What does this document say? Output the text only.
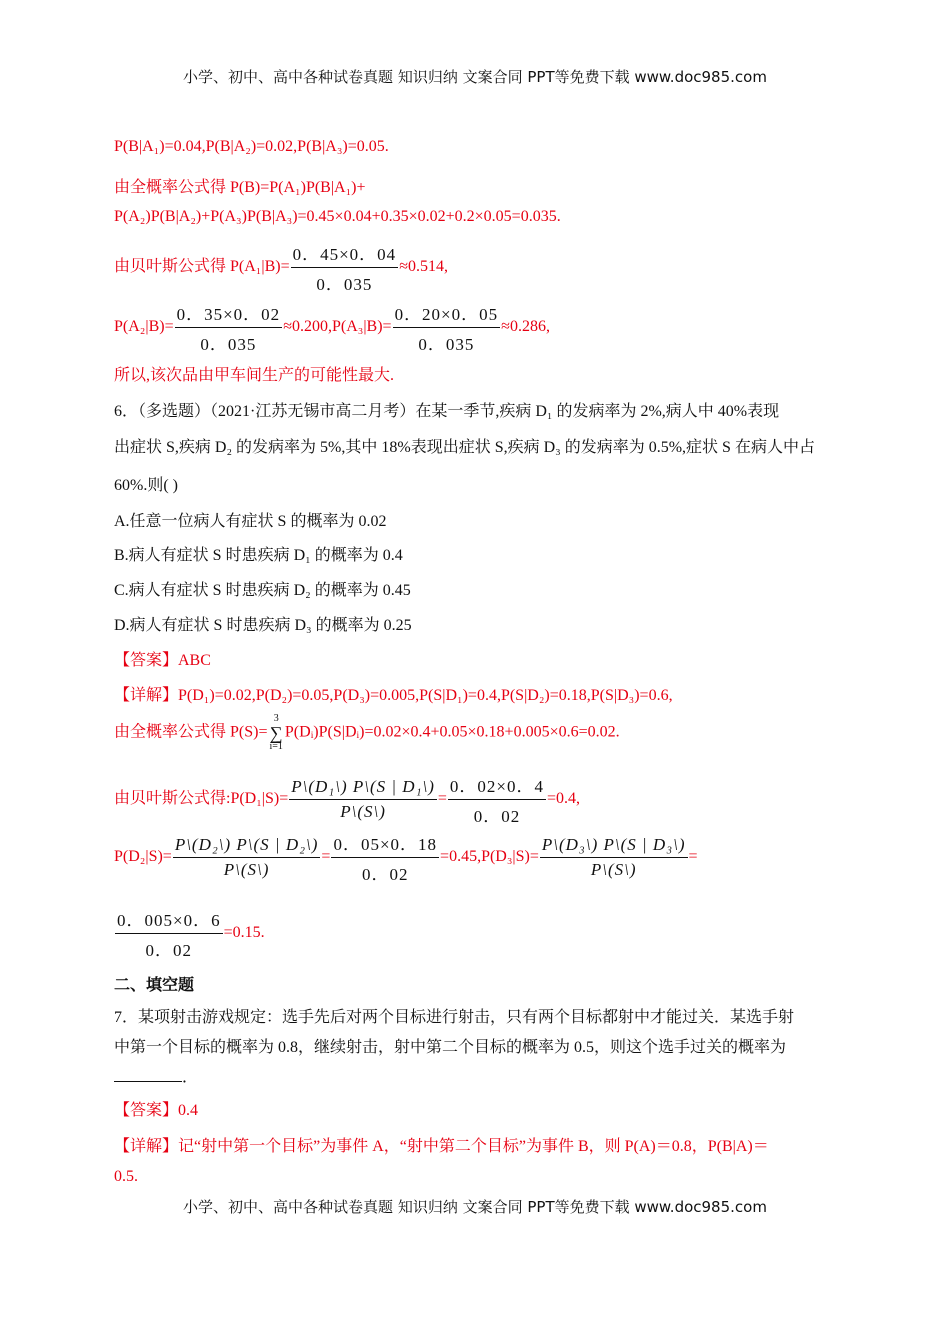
小学、初中、高中各种试卷真题 知识归纳 文案合同 PPT等免费下载 www.doc985.com
P(B|A₁)=0.04,P(B|A₂)=0.02,P(B|A₃)=0.05.
由全概率公式得 P(B)=P(A₁)P(B|A₁)+
P(A₂)P(B|A₂)+P(A₃)P(B|A₃)=0.45×0.04+0.35×0.02+0.2×0.05=0.035.
由贝叶斯公式得 $P(A_1|B)= \frac{0.45\times 0.04}{0.035} \approx 0.514$,
$P(A_2|B)= \frac{0.35\times 0.02}{0.035} \approx 0.200,P(A_3|B)= \frac{0.20\times 0.05}{0.035} \approx 0.286$,
所以,该次品由甲车间生产的可能性最大.
6．（多选题）（2021·江苏无锡市高二月考）在某一季节,疾病 D₁ 的发病率为 2%,病人中 40%表现
出症状 S,疾病 D₂ 的发病率为 5%,其中 18%表现出症状 S,疾病 D₃ 的发病率为 0.5%,症状 S 在病人中占
60%.则( )
A.任意一位病人有症状 S 的概率为 0.02
B.病人有症状 S 时患疾病 D₁ 的概率为 0.4
C.病人有症状 S 时患疾病 D₂ 的概率为 0.45
D.病人有症状 S 时患疾病 D₃ 的概率为 0.25
【答案】ABC
【详解】P(D₁)=0.02,P(D₂)=0.05,P(D₃)=0.005,P(S|D₁)=0.4,P(S|D₂)=0.18,P(S|D₃)=0.6,
由全概率公式得 P(S)=
3
∑
i=1
P(Dᵢ)P(S|Dᵢ)=0.02×0.4+0.05×0.18+0.005×0.6=0.02.
由贝叶斯公式得:P(D₁|S)= $\frac{\text{P\textbackslash{}(D₁\textbackslash{}) P\textbackslash{}(S | D₁\textbackslash{})}}{P\backslash(S\backslash)} = \frac{0.02\times 0.4}{0.02} =0.4$,
$P(D_2|S)= \frac{\text{P\textbackslash{}(D₂\textbackslash{}) P\textbackslash{}(S | D₂\textbackslash{})}}{P\backslash(S\backslash)} = \frac{0.05\times 0.18}{0.02} =0.45,P(D_3|S)= \frac{\text{P\textbackslash{}(D₃\textbackslash{}) P\textbackslash{}(S | D₃\textbackslash{})}}{P\backslash(S\backslash)}$ =
$\frac{0.005\times 0.6}{0.02} =0.15$.
二、填空题
7．某项射击游戏规定：选手先后对两个目标进行射击，只有两个目标都射中才能过关．某选手射
中第一个目标的概率为 0.8，继续射击，射中第二个目标的概率为 0.5，则这个选手过关的概率为
．
【答案】0.4
【详解】记“射中第一个目标”为事件 A，“射中第二个目标”为事件 B，则 P(A)＝0.8，P(B|A)＝
0.5.
小学、初中、高中各种试卷真题 知识归纳 文案合同 PPT等免费下载 www.doc985.com
